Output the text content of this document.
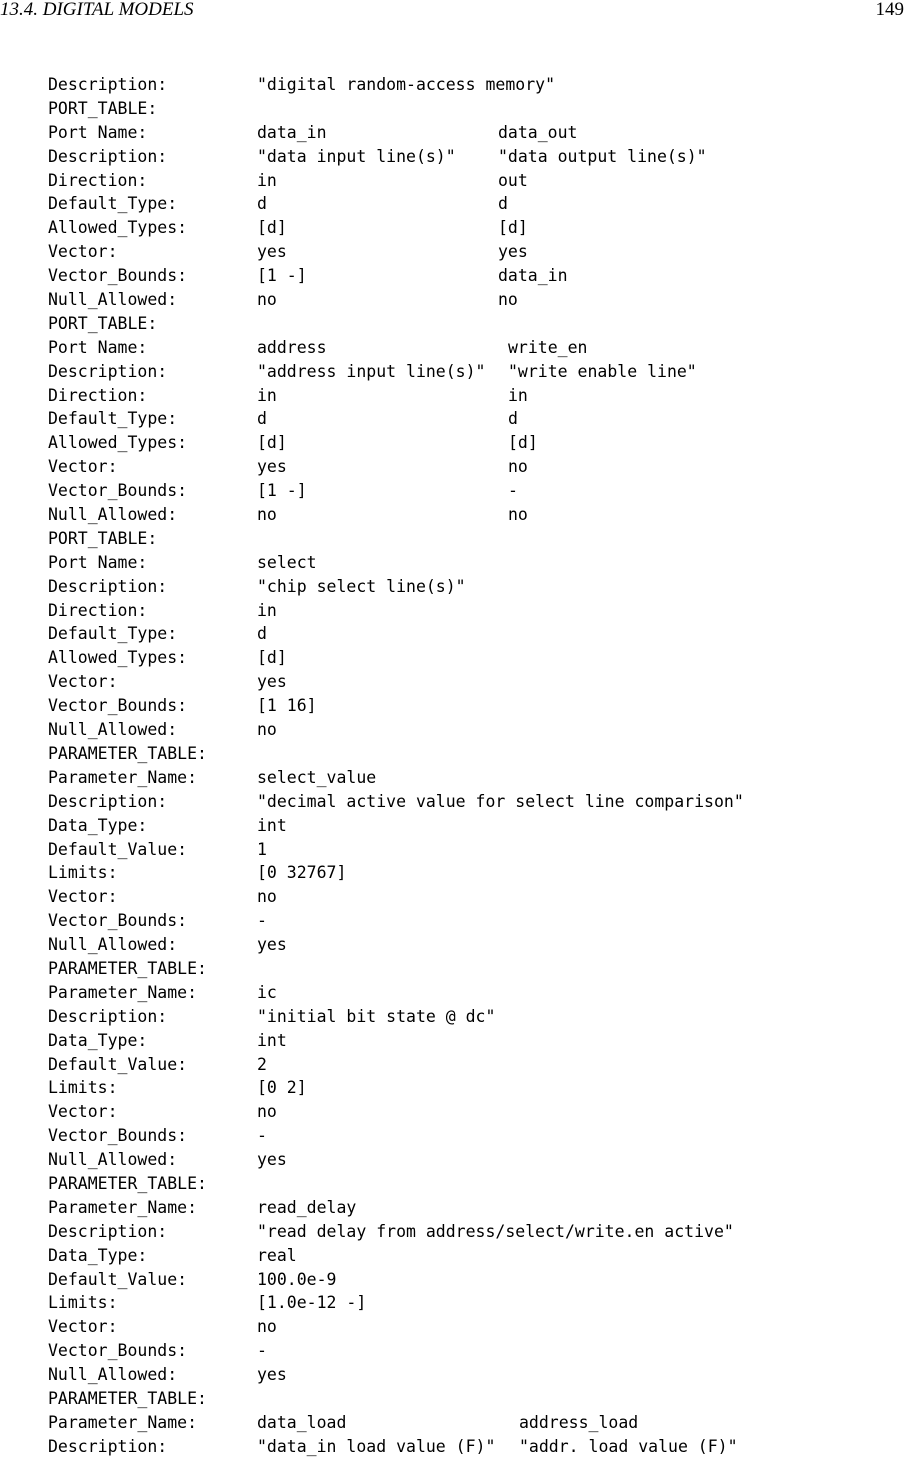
13.4. DIGITAL MODELS	149
Description:	"digital random-access memory"
PORT_TABLE:
Port Name:	data_in	data_out
Description:	"data input line(s)"	"data output line(s)"
Direction:	in	out
Default_Type:	d	d
Allowed_Types:	[d]	[d]
Vector:	yes	yes
Vector_Bounds:	[1 -]	data_in
Null_Allowed:	no	no
PORT_TABLE:
Port Name:	address	write_en
Description:	"address input line(s)" "write enable line"
Direction:	in	in
Default_Type:	d	d
Allowed_Types:	[d]	[d]
Vector:	yes	no
Vector_Bounds:	[1 -]	-
Null_Allowed:	no	no
PORT_TABLE:
Port Name:	select
Description:	"chip select line(s)"
Direction:	in
Default_Type:	d
Allowed_Types:	[d]
Vector:	yes
Vector_Bounds:	[1 16]
Null_Allowed:	no
PARAMETER_TABLE:
Parameter_Name:	select_value
Description:	"decimal active value for select line comparison"
Data_Type:	int
Default_Value:	1
Limits:	[0 32767]
Vector:	no
Vector_Bounds:	-
Null_Allowed:	yes
PARAMETER_TABLE:
Parameter_Name:	ic
Description:	"initial bit state @ dc"
Data_Type:	int
Default_Value:	2
Limits:	[0 2]
Vector:	no
Vector_Bounds:	-
Null_Allowed:	yes
PARAMETER_TABLE:
Parameter_Name:	read_delay
Description:	"read delay from address/select/write.en active"
Data_Type:	real
Default_Value:	100.0e-9
Limits:	[1.0e-12 -]
Vector:	no
Vector_Bounds:	-
Null_Allowed:	yes
PARAMETER_TABLE:
Parameter_Name:	data_load	address_load
Description:	"data_in load value (F)" "addr. load value (F)"
